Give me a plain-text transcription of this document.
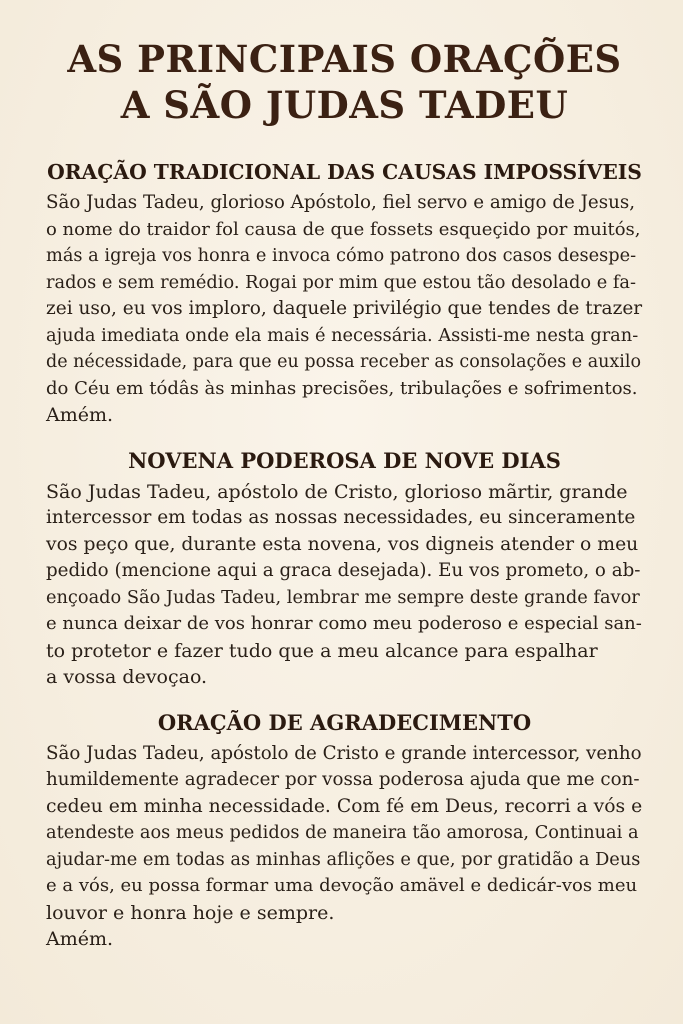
AS PRINCIPAIS ORAÇÕES
A SÃO JUDAS TADEU
ORAÇÃO TRADICIONAL DAS CAUSAS IMPOSSÍVEIS

São Judas Tadeu, glorioso Apóstolo, fiel servo e amigo de Jesus,
o nome do traidor fol causa de que fossets esqueçido por muitós,
más a igreja vos honra e invoca cómo patrono dos casos desespe-
rados e sem remédio. Rogai por mim que estou tão desolado e fa-
zei uso, eu vos imploro, daquele privilégio que tendes de trazer
ajuda imediata onde ela mais é necessária. Assisti-me nesta gran-
de nécessidade, para que eu possa receber as consolações e auxilo
do Céu em tódâs às minhas precisões, tribulações e sofrimentos.
Amém.

NOVENA PODEROSA DE NOVE DIAS

São Judas Tadeu, apóstolo de Cristo, glorioso mãrtir, grande
intercessor em todas as nossas necessidades, eu sinceramente
vos peço que, durante esta novena, vos digneis atender o meu
pedido (mencione aqui a graca desejada). Eu vos prometo, o ab-
ençoado São Judas Tadeu, lembrar me sempre deste grande favor
e nunca deixar de vos honrar como meu poderoso e especial san-
to protetor e fazer tudo que a meu alcance para espalhar
a vossa devoçao.

ORAÇÃO DE AGRADECIMENTO

São Judas Tadeu, apóstolo de Cristo e grande intercessor, venho
humildemente agradecer por vossa poderosa ajuda que me con-
cedeu em minha necessidade. Com fé em Deus, recorri a vós e
atendeste aos meus pedidos de maneira tão amorosa, Continuai a
ajudar-me em todas as minhas aflições e que, por gratidão a Deus
e a vós, eu possa formar uma devoção amävel e dedicár-vos meu
louvor e honra hoje e sempre.
Amém.
